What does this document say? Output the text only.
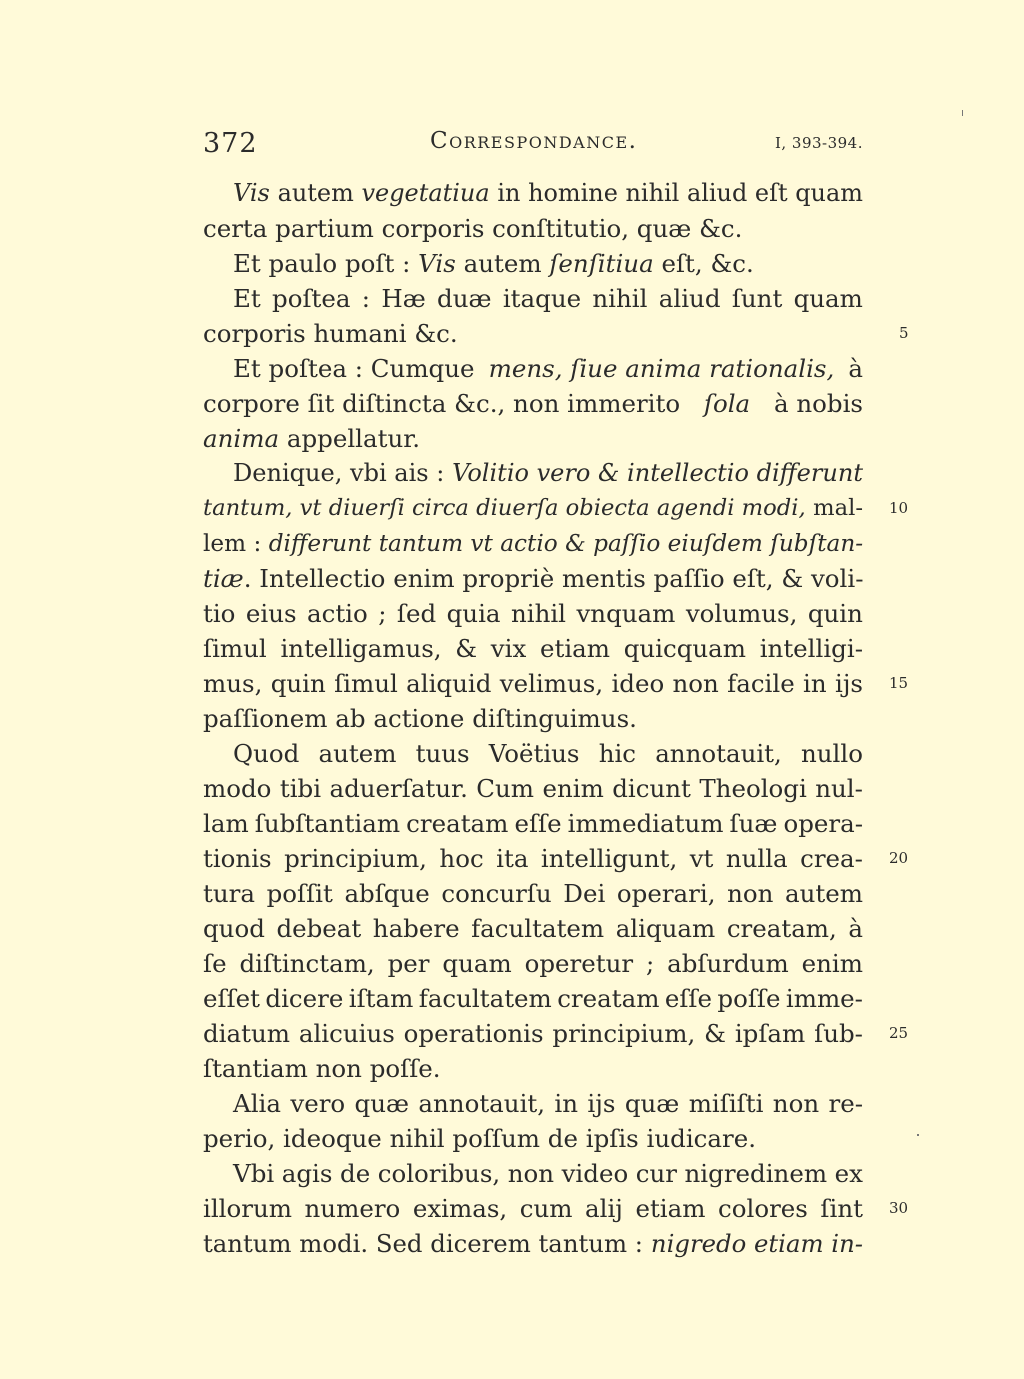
372	Correspondance.	I, 393-394.
Vis autem vegetatiua in homine nihil aliud eſt quam
certa partium corporis conſtitutio, quæ &c.
Et paulo poſt : Vis autem ſenſitiua eſt, &c.
Et poſtea : Hæ duæ itaque nihil aliud ſunt quam
corporis humani &c.
Et poſtea : Cumque mens, ſiue anima rationalis, à
corpore ſit diſtincta &c., non immerito ſola à nobis
anima appellatur.
Denique, vbi ais : Volitio vero & intellectio differunt
tantum, vt diuerſi circa diuerſa obiecta agendi modi, mal-
lem : differunt tantum vt actio & paſſio eiuſdem ſubſtan-
tiæ . Intellectio enim propriè mentis paſſio eſt, & voli-
tio eius actio ; ſed quia nihil vnquam volumus, quin
ſimul intelligamus, & vix etiam quicquam intelligi-
mus, quin ſimul aliquid velimus, ideo non facile in ijs
paſſionem ab actione diſtinguimus.
Quod autem tuus Voëtius hic annotauit, nullo
modo tibi aduerſatur. Cum enim dicunt Theologi nul-
lam ſubſtantiam creatam eſſe immediatum ſuæ opera-
tionis principium, hoc ita intelligunt, vt nulla crea-
tura poſſit abſque concurſu Dei operari, non autem
quod debeat habere facultatem aliquam creatam, à
ſe diſtinctam, per quam operetur ; abſurdum enim
eſſet dicere iſtam facultatem creatam eſſe poſſe imme-
diatum alicuius operationis principium, & ipſam ſub-
ſtantiam non poſſe.
Alia vero quæ annotauit, in ijs quæ miſiſti non re-
perio, ideoque nihil poſſum de ipſis iudicare.
Vbi agis de coloribus, non video cur nigredinem ex
illorum numero eximas, cum alij etiam colores ſint
tantum modi. Sed dicerem tantum : nigredo etiam in-
5
10
15
20
25
30
